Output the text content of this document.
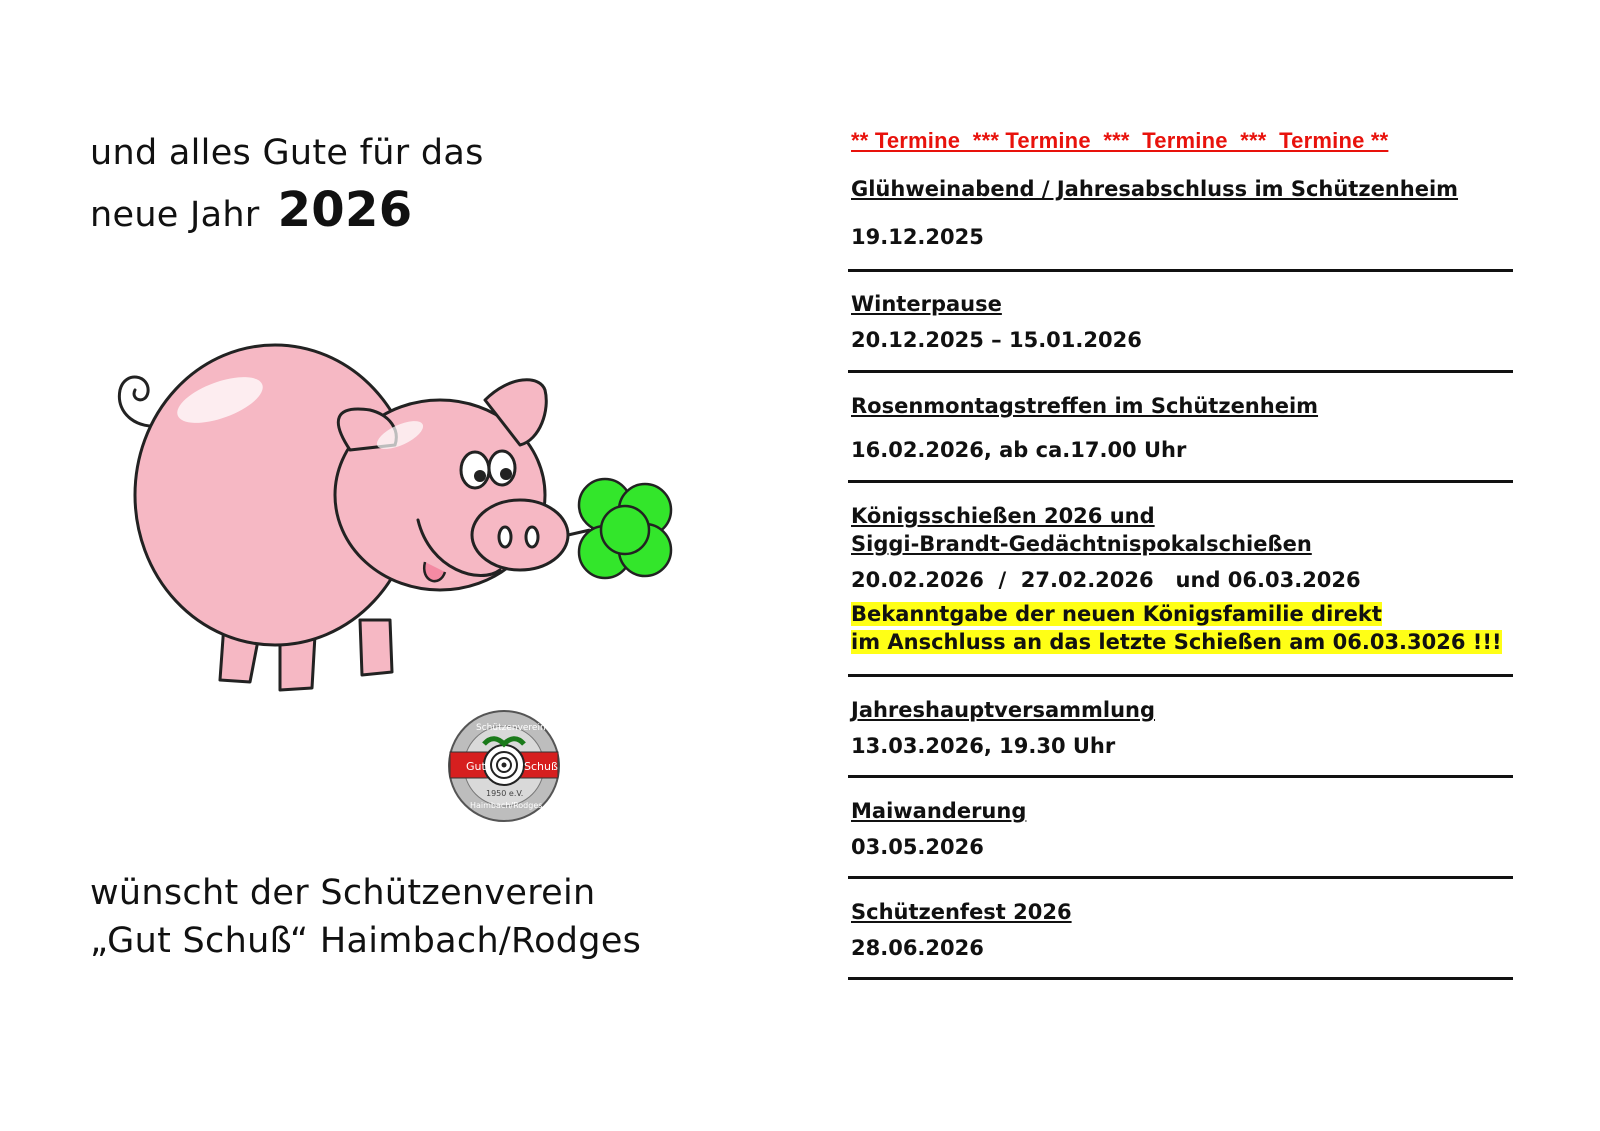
und alles Gute für das
neue Jahr 2026
Gut	Schuß
Schützenverein
1950 e.V.
Haimbach/Rodges
wünscht der Schützenverein
„Gut Schuß“ Haimbach/Rodges
** Termine  *** Termine  ***  Termine  ***  Termine **
Glühweinabend / Jahresabschluss im Schützenheim
19.12.2025
Winterpause
20.12.2025 – 15.01.2026
Rosenmontagstreffen im Schützenheim
16.02.2026, ab ca.17.00 Uhr
Königsschießen 2026 und
Siggi-Brandt-Gedächtnispokalschießen
20.02.2026  /  27.02.2026   und 06.03.2026
Bekanntgabe der neuen Königsfamilie direkt
im Anschluss an das letzte Schießen am 06.03.3026 !!!
Jahreshauptversammlung
13.03.2026, 19.30 Uhr
Maiwanderung
03.05.2026
Schützenfest 2026
28.06.2026
